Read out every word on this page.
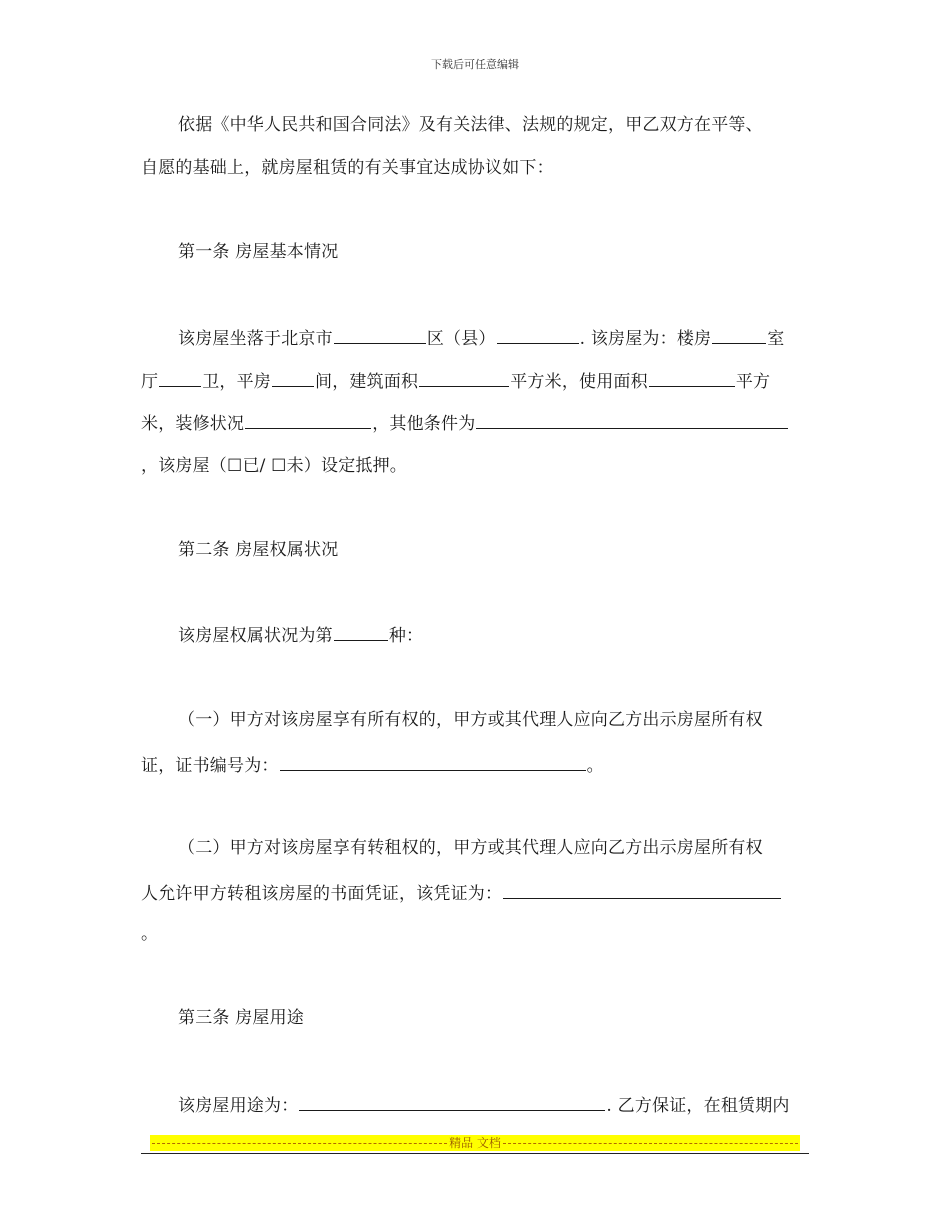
下载后可任意编辑
依据《中华人民共和国合同法》及有关法律、法规的规定，甲乙双方在平等、
自愿的基础上，就房屋租赁的有关事宜达成协议如下：
第一条 房屋基本情况
该房屋坐落于北京市	区（县）	. 该房屋为：楼房	室
厅	卫，平房	间，建筑面积	平方米，使用面积	平方
米，装修状况	，其他条件为
，该房屋（☐已/ ☐未）设定抵押。
第二条 房屋权属状况
该房屋权属状况为第	种：
（一）甲方对该房屋享有所有权的，甲方或其代理人应向乙方出示房屋所有权
证，证书编号为：	。
（二）甲方对该房屋享有转租权的，甲方或其代理人应向乙方出示房屋所有权
人允许甲方转租该房屋的书面凭证，该凭证为：
。
第三条 房屋用途
该房屋用途为：	. 乙方保证，在租赁期内
精品 文档
